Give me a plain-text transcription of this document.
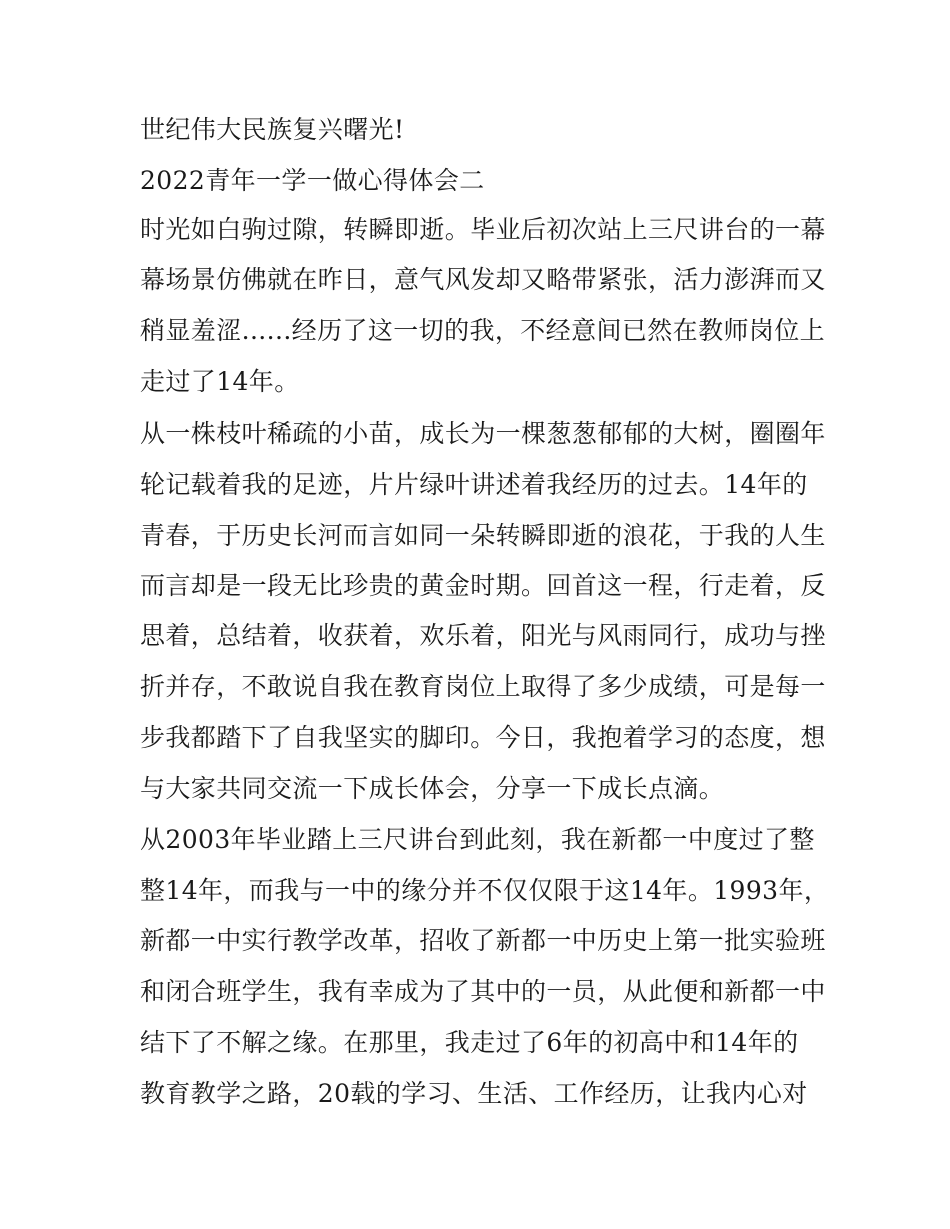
世纪伟大民族复兴曙光!
2022青年一学一做心得体会二
时光如白驹过隙，转瞬即逝。毕业后初次站上三尺讲台的一幕
幕场景仿佛就在昨日，意气风发却又略带紧张，活力澎湃而又
稍显羞涩......经历了这一切的我，不经意间已然在教师岗位上
走过了14年。
从一株枝叶稀疏的小苗，成长为一棵葱葱郁郁的大树，圈圈年
轮记载着我的足迹，片片绿叶讲述着我经历的过去。14年的
青春，于历史长河而言如同一朵转瞬即逝的浪花，于我的人生
而言却是一段无比珍贵的黄金时期。回首这一程，行走着，反
思着，总结着，收获着，欢乐着，阳光与风雨同行，成功与挫
折并存，不敢说自我在教育岗位上取得了多少成绩，可是每一
步我都踏下了自我坚实的脚印。今日，我抱着学习的态度，想
与大家共同交流一下成长体会，分享一下成长点滴。
从2003年毕业踏上三尺讲台到此刻，我在新都一中度过了整
整14年，而我与一中的缘分并不仅仅限于这14年。1993年，
新都一中实行教学改革，招收了新都一中历史上第一批实验班
和闭合班学生，我有幸成为了其中的一员，从此便和新都一中
结下了不解之缘。在那里，我走过了6年的初高中和14年的
教育教学之路，20载的学习、生活、工作经历，让我内心对
